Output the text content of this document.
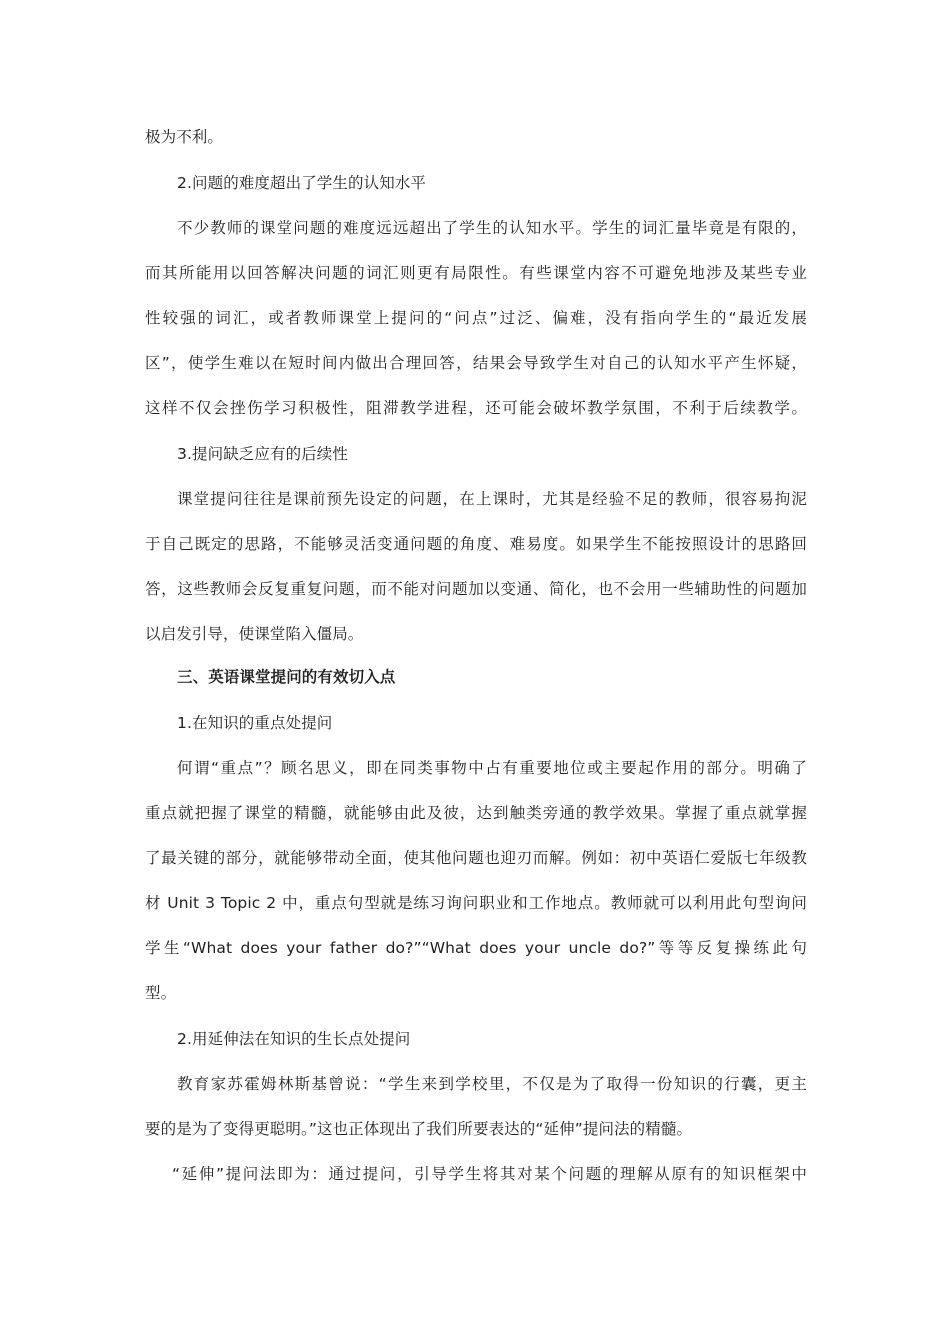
极为不利。
2.问题的难度超出了学生的认知水平
不少教师的课堂问题的难度远远超出了学生的认知水平。学生的词汇量毕竟是有限的，
而其所能用以回答解决问题的词汇则更有局限性。有些课堂内容不可避免地涉及某些专业
性较强的词汇，或者教师课堂上提问的“问点”过泛、偏难，没有指向学生的“最近发展
区”，使学生难以在短时间内做出合理回答，结果会导致学生对自己的认知水平产生怀疑，
这样不仅会挫伤学习积极性，阻滞教学进程，还可能会破坏教学氛围，不利于后续教学。
3.提问缺乏应有的后续性
课堂提问往往是课前预先设定的问题，在上课时，尤其是经验不足的教师，很容易拘泥
于自己既定的思路，不能够灵活变通问题的角度、难易度。如果学生不能按照设计的思路回
答，这些教师会反复重复问题，而不能对问题加以变通、简化，也不会用一些辅助性的问题加
以启发引导，使课堂陷入僵局。
三、英语课堂提问的有效切入点
1.在知识的重点处提问
何谓“重点”？顾名思义，即在同类事物中占有重要地位或主要起作用的部分。明确了
重点就把握了课堂的精髓，就能够由此及彼，达到触类旁通的教学效果。掌握了重点就掌握
了最关键的部分，就能够带动全面，使其他问题也迎刃而解。例如：初中英语仁爱版七年级教
材 Unit 3 Topic 2 中，重点句型就是练习询问职业和工作地点。教师就可以利用此句型询问
学生“What does your father do?”“What does your uncle do?”等等反复操练此句
型。
2.用延伸法在知识的生长点处提问
教育家苏霍姆林斯基曾说：“学生来到学校里，不仅是为了取得一份知识的行囊，更主
要的是为了变得更聪明。”这也正体现出了我们所要表达的“延伸”提问法的精髓。
“延伸”提问法即为：通过提问，引导学生将其对某个问题的理解从原有的知识框架中
